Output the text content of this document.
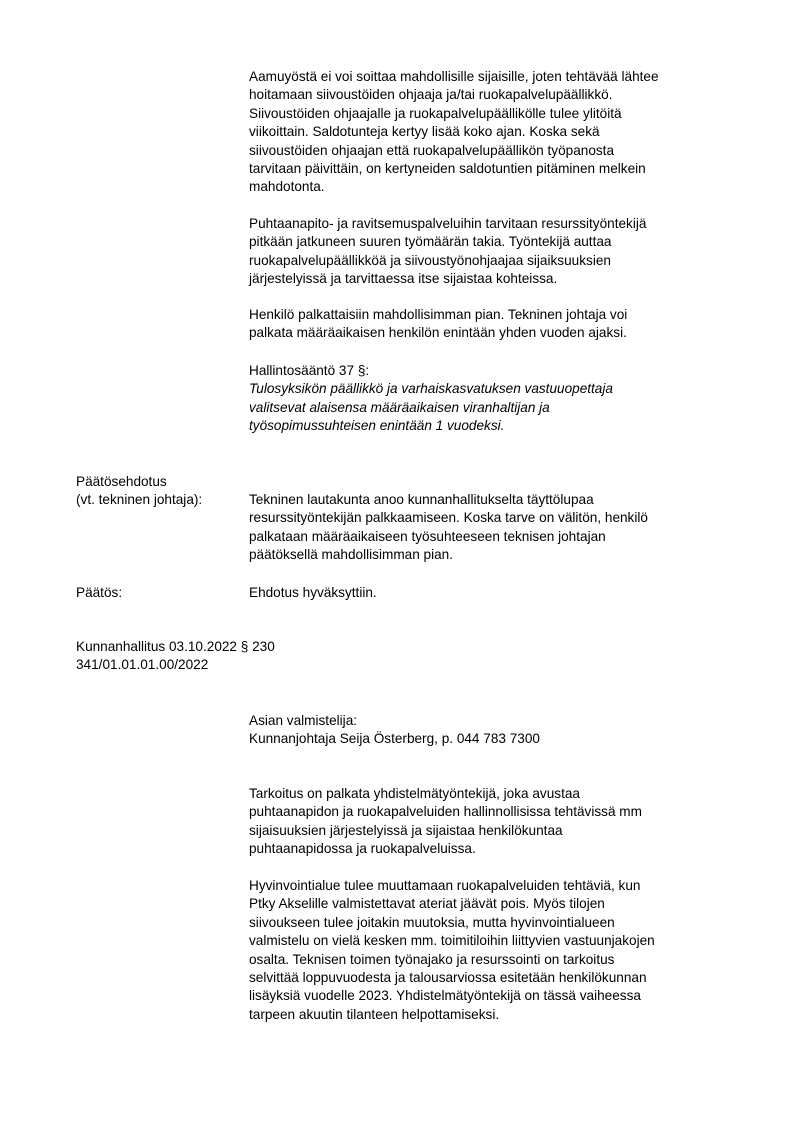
Aamuyöstä ei voi soittaa mahdollisille sijaisille, joten tehtävää lähtee
hoitamaan siivoustöiden ohjaaja ja/tai ruokapalvelupäällikkö.
Siivoustöiden ohjaajalle ja ruokapalvelupäällikölle tulee ylitöitä
viikoittain. Saldotunteja kertyy lisää koko ajan. Koska sekä
siivoustöiden ohjaajan että ruokapalvelupäällikön työpanosta
tarvitaan päivittäin, on kertyneiden saldotuntien pitäminen melkein
mahdotonta.
Puhtaanapito- ja ravitsemuspalveluihin tarvitaan resurssityöntekijä
pitkään jatkuneen suuren työmäärän takia. Työntekijä auttaa
ruokapalvelupäällikköä ja siivoustyönohjaajaa sijaiksuuksien
järjestelyissä ja tarvittaessa itse sijaistaa kohteissa.
Henkilö palkattaisiin mahdollisimman pian. Tekninen johtaja voi
palkata määräaikaisen henkilön enintään yhden vuoden ajaksi.
Hallintosääntö 37 §:
Tulosyksikön päällikkö ja varhaiskasvatuksen vastuuopettaja
valitsevat alaisensa määräaikaisen viranhaltijan ja
työsopimussuhteisen enintään 1 vuodeksi.
Päätösehdotus
(vt. tekninen johtaja):	Tekninen lautakunta anoo kunnanhallitukselta täyttölupaa
resurssityöntekijän palkkaamiseen. Koska tarve on välitön, henkilö
palkataan määräaikaiseen työsuhteeseen teknisen johtajan
päätöksellä mahdollisimman pian.
Päätös:	Ehdotus hyväksyttiin.
Kunnanhallitus 03.10.2022 § 230
341/01.01.01.00/2022
Asian valmistelija:
Kunnanjohtaja Seija Österberg, p. 044 783 7300
Tarkoitus on palkata yhdistelmätyöntekijä, joka avustaa
puhtaanapidon ja ruokapalveluiden hallinnollisissa tehtävissä mm
sijaisuuksien järjestelyissä ja sijaistaa henkilökuntaa
puhtaanapidossa ja ruokapalveluissa.
Hyvinvointialue tulee muuttamaan ruokapalveluiden tehtäviä, kun
Ptky Akselille valmistettavat ateriat jäävät pois. Myös tilojen
siivoukseen tulee joitakin muutoksia, mutta hyvinvointialueen
valmistelu on vielä kesken mm. toimitiloihin liittyvien vastuunjakojen
osalta. Teknisen toimen työnajako ja resurssointi on tarkoitus
selvittää loppuvuodesta ja talousarviossa esitetään henkilökunnan
lisäyksiä vuodelle 2023. Yhdistelmätyöntekijä on tässä vaiheessa
tarpeen akuutin tilanteen helpottamiseksi.
